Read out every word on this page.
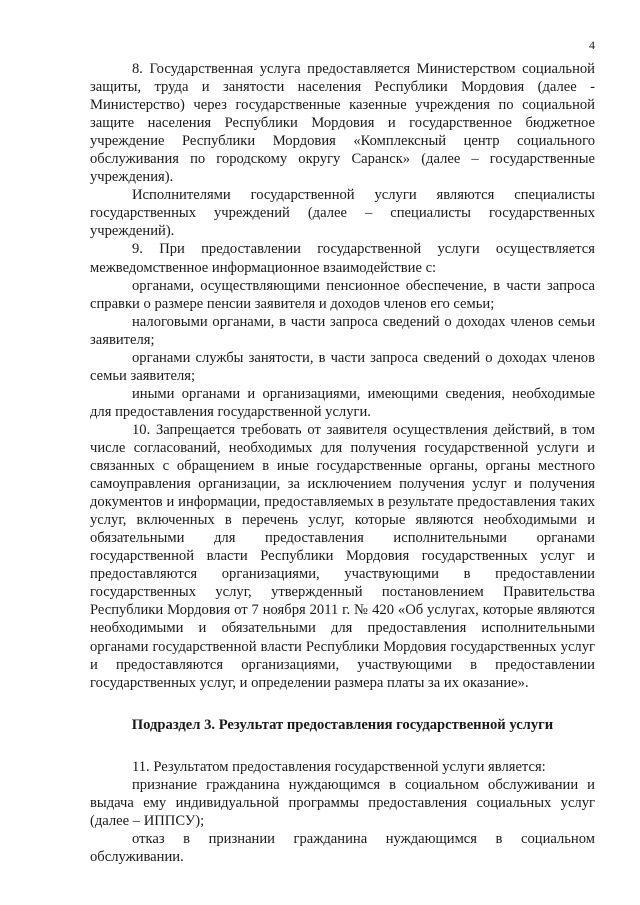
4

8. Государственная услуга предоставляется Министерством социальной защиты, труда и занятости населения Республики Мордовия (далее - Министерство) через государственные казенные учреждения по социальной защите населения Республики Мордовия и государственное бюджетное учреждение Республики Мордовия «Комплексный центр социального обслуживания по городскому округу Саранск» (далее – государственные учреждения).

Исполнителями государственной услуги являются специалисты государственных учреждений (далее – специалисты государственных учреждений).

9. При предоставлении государственной услуги осуществляется межведомственное информационное взаимодействие с:

органами, осуществляющими пенсионное обеспечение, в части запроса справки о размере пенсии заявителя и доходов членов его семьи;

налоговыми органами, в части запроса сведений о доходах членов семьи заявителя;

органами службы занятости, в части запроса сведений о доходах членов семьи заявителя;

иными органами и организациями, имеющими сведения, необходимые для предоставления государственной услуги.

10. Запрещается требовать от заявителя осуществления действий, в том числе согласований, необходимых для получения государственной услуги и связанных с обращением в иные государственные органы, органы местного самоуправления организации, за исключением получения услуг и получения документов и информации, предоставляемых в результате предоставления таких услуг, включенных в перечень услуг, которые являются необходимыми и обязательными для предоставления исполнительными органами государственной власти Республики Мордовия государственных услуг и предоставляются организациями, участвующими в предоставлении государственных услуг, утвержденный постановлением Правительства Республики Мордовия от 7 ноября 2011 г. № 420 «Об услугах, которые являются необходимыми и обязательными для предоставления исполнительными органами государственной власти Республики Мордовия государственных услуг и предоставляются организациями, участвующими в предоставлении государственных услуг, и определении размера платы за их оказание».

Подраздел 3. Результат предоставления государственной услуги

11. Результатом предоставления государственной услуги является:

признание гражданина нуждающимся в социальном обслуживании и выдача ему индивидуальной программы предоставления социальных услуг (далее – ИППСУ);

отказ в признании гражданина нуждающимся в социальном обслуживании.
